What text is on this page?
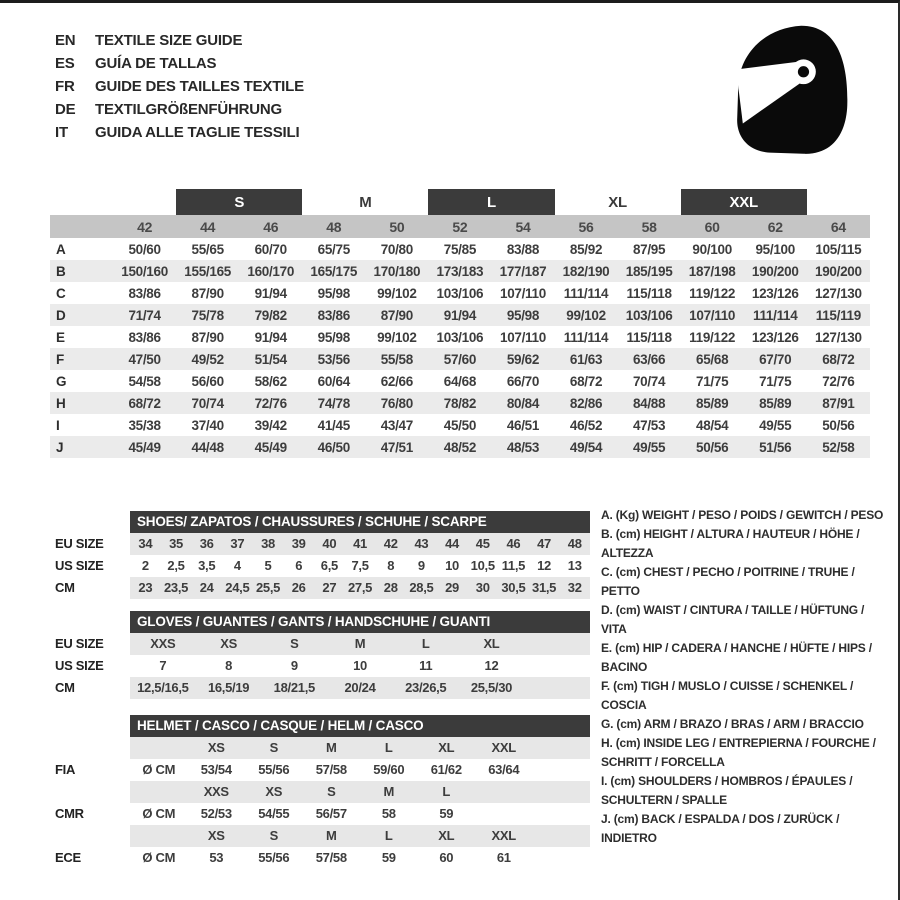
EN	TEXTILE SIZE GUIDE
ES	GUÍA DE TALLAS
FR	GUIDE DES TAILLES TEXTILE
DE	TEXTILGRÖßENFÜHRUNG
IT	GUIDA ALLE TAGLIE TESSILI
		S		M		L		XL		XXL		
	42	44	46	48	50	52	54	56	58	60	62	64
A	50/60	55/65	60/70	65/75	70/80	75/85	83/88	85/92	87/95	90/100	95/100	105/115
B	150/160	155/165	160/170	165/175	170/180	173/183	177/187	182/190	185/195	187/198	190/200	190/200
C	83/86	87/90	91/94	95/98	99/102	103/106	107/110	111/114	115/118	119/122	123/126	127/130
D	71/74	75/78	79/82	83/86	87/90	91/94	95/98	99/102	103/106	107/110	111/114	115/119
E	83/86	87/90	91/94	95/98	99/102	103/106	107/110	111/114	115/118	119/122	123/126	127/130
F	47/50	49/52	51/54	53/56	55/58	57/60	59/62	61/63	63/66	65/68	67/70	68/72
G	54/58	56/60	58/62	60/64	62/66	64/68	66/70	68/72	70/74	71/75	71/75	72/76
H	68/72	70/74	72/76	74/78	76/80	78/82	80/84	82/86	84/88	85/89	85/89	87/91
I	35/38	37/40	39/42	41/45	43/47	45/50	46/51	46/52	47/53	48/54	49/55	50/56
J	45/49	44/48	45/49	46/50	47/51	48/52	48/53	49/54	49/55	50/56	51/56	52/58
SHOES/ ZAPATOS / CHAUSSURES / SCHUHE / SCARPE
EU SIZE	34	35	36	37	38	39	40	41	42	43	44	45	46	47	48
US SIZE	2	2,5	3,5	4	5	6	6,5	7,5	8	9	10 10,5 11,5 12	13
CM	23 23,5 24 24,5 25,5 26	27 27,5 28 28,5 29	30 30,5 31,5 32
GLOVES / GUANTES / GANTS / HANDSCHUHE / GUANTI
EU SIZE	XXS	XS	S	M	L	XL
US SIZE	7	8	9	10	11	12
CM	12,5/16,5	16,5/19	18/21,5	20/24	23/26,5	25,5/30
HELMET / CASCO / CASQUE / HELM / CASCO
XS	S	M	L	XL	XXL
FIA	Ø CM	53/54	55/56	57/58	59/60	61/62	63/64
XXS	XS	S	M	L
CMR	Ø CM	52/53	54/55	56/57	58	59
XS	S	M	L	XL	XXL
ECE	Ø CM	53	55/56	57/58	59	60	61
A. (Kg) WEIGHT / PESO / POIDS / GEWITCH / PESO
B. (cm) HEIGHT / ALTURA / HAUTEUR / HÖHE / ALTEZZA
C. (cm) CHEST / PECHO / POITRINE / TRUHE / PETTO
D. (cm) WAIST / CINTURA / TAILLE / HÜFTUNG / VITA
E. (cm) HIP / CADERA / HANCHE / HÜFTE / HIPS / BACINO
F. (cm) TIGH / MUSLO / CUISSE / SCHENKEL / COSCIA
G. (cm) ARM / BRAZO / BRAS / ARM / BRACCIO
H. (cm) INSIDE LEG / ENTREPIERNA / FOURCHE / SCHRITT / FORCELLA
I. (cm) SHOULDERS / HOMBROS / ÉPAULES / SCHULTERN / SPALLE
J. (cm) BACK / ESPALDA / DOS / ZURÜCK / INDIETRO
